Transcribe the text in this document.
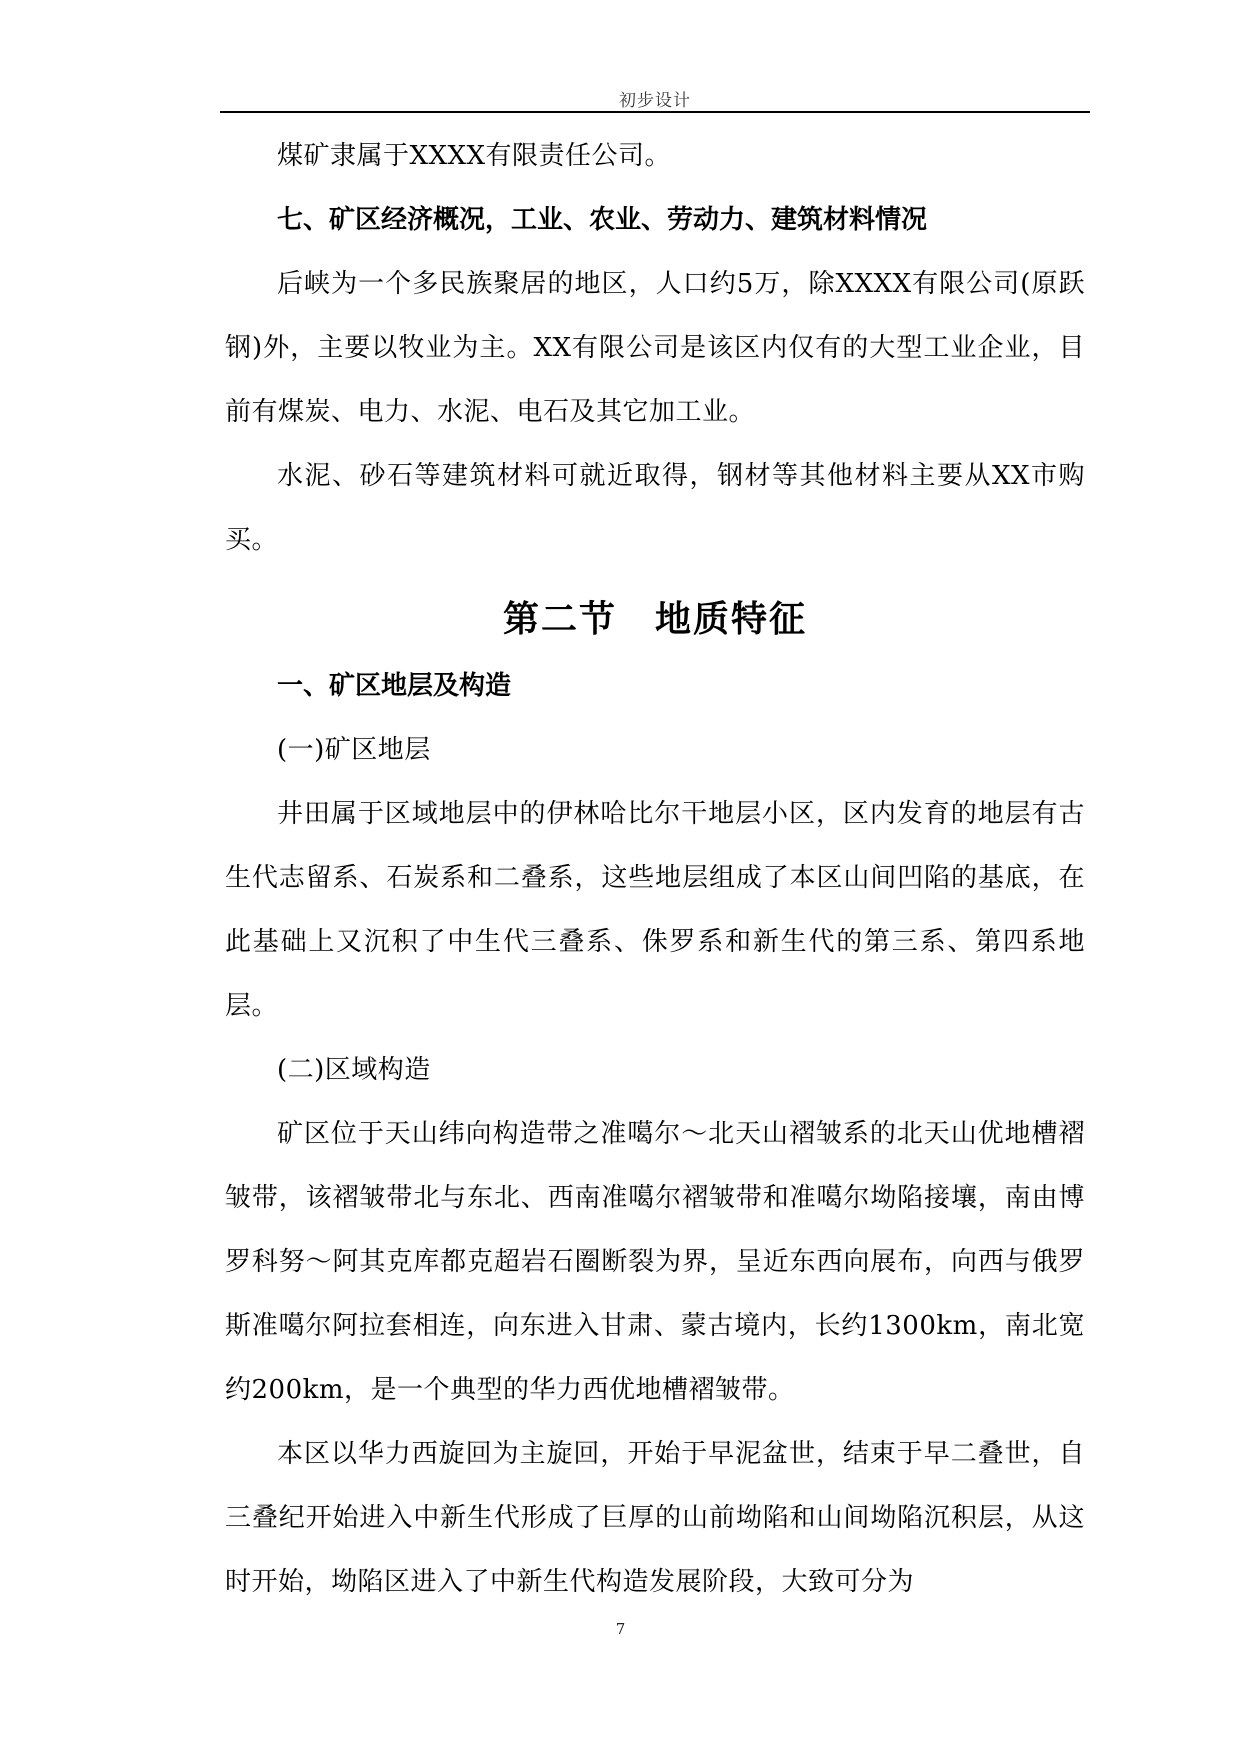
初步设计

煤矿隶属于XXXX有限责任公司。

七、矿区经济概况，工业、农业、劳动力、建筑材料情况

后峡为一个多民族聚居的地区，人口约5万，除XXXX有限公司(原跃钢)外，主要以牧业为主。XX有限公司是该区内仅有的大型工业企业，目前有煤炭、电力、水泥、电石及其它加工业。

水泥、砂石等建筑材料可就近取得，钢材等其他材料主要从XX市购买。

第二节　地质特征

一、矿区地层及构造

(一)矿区地层

井田属于区域地层中的伊林哈比尔干地层小区，区内发育的地层有古生代志留系、石炭系和二叠系，这些地层组成了本区山间凹陷的基底，在此基础上又沉积了中生代三叠系、侏罗系和新生代的第三系、第四系地层。

(二)区域构造

矿区位于天山纬向构造带之准噶尔～北天山褶皱系的北天山优地槽褶皱带，该褶皱带北与东北、西南准噶尔褶皱带和准噶尔坳陷接壤，南由博罗科努～阿其克库都克超岩石圈断裂为界，呈近东西向展布，向西与俄罗斯准噶尔阿拉套相连，向东进入甘肃、蒙古境内，长约1300km，南北宽约200km，是一个典型的华力西优地槽褶皱带。

本区以华力西旋回为主旋回，开始于早泥盆世，结束于早二叠世，自三叠纪开始进入中新生代形成了巨厚的山前坳陷和山间坳陷沉积层，从这时开始，坳陷区进入了中新生代构造发展阶段，大致可分为

7
